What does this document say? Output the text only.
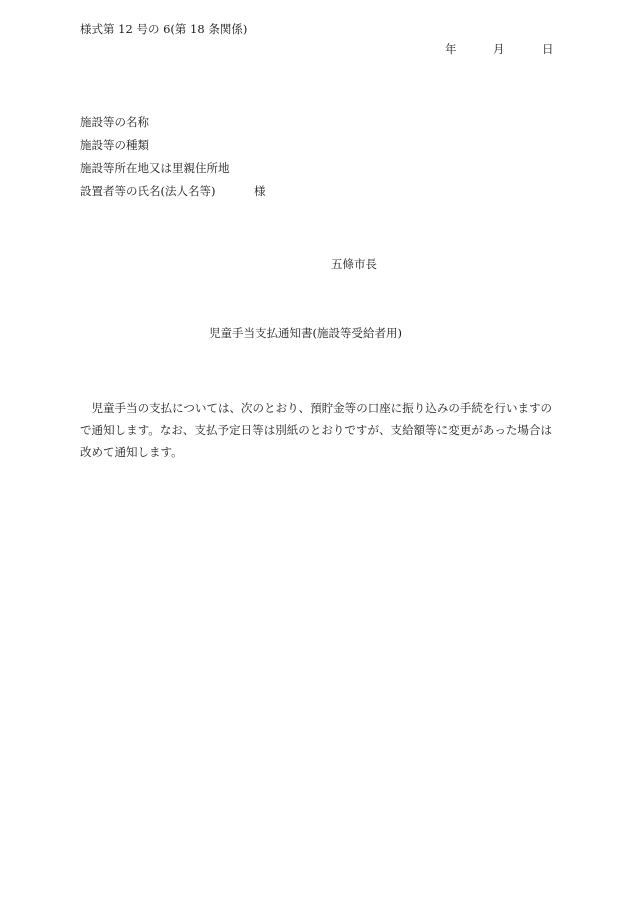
様式第 12 号の 6(第 18 条関係)
年	月	日
施設等の名称
施設等の種類
施設等所在地又は里親住所地
設置者等の氏名(法人名等)	様
五條市長
児童手当支払通知書(施設等受給者用)
児童手当の支払については、次のとおり、預貯金等の口座に振り込みの手続を行いますので通知します。なお、支払予定日等は別紙のとおりですが、支給額等に変更があった場合は改めて通知します。
